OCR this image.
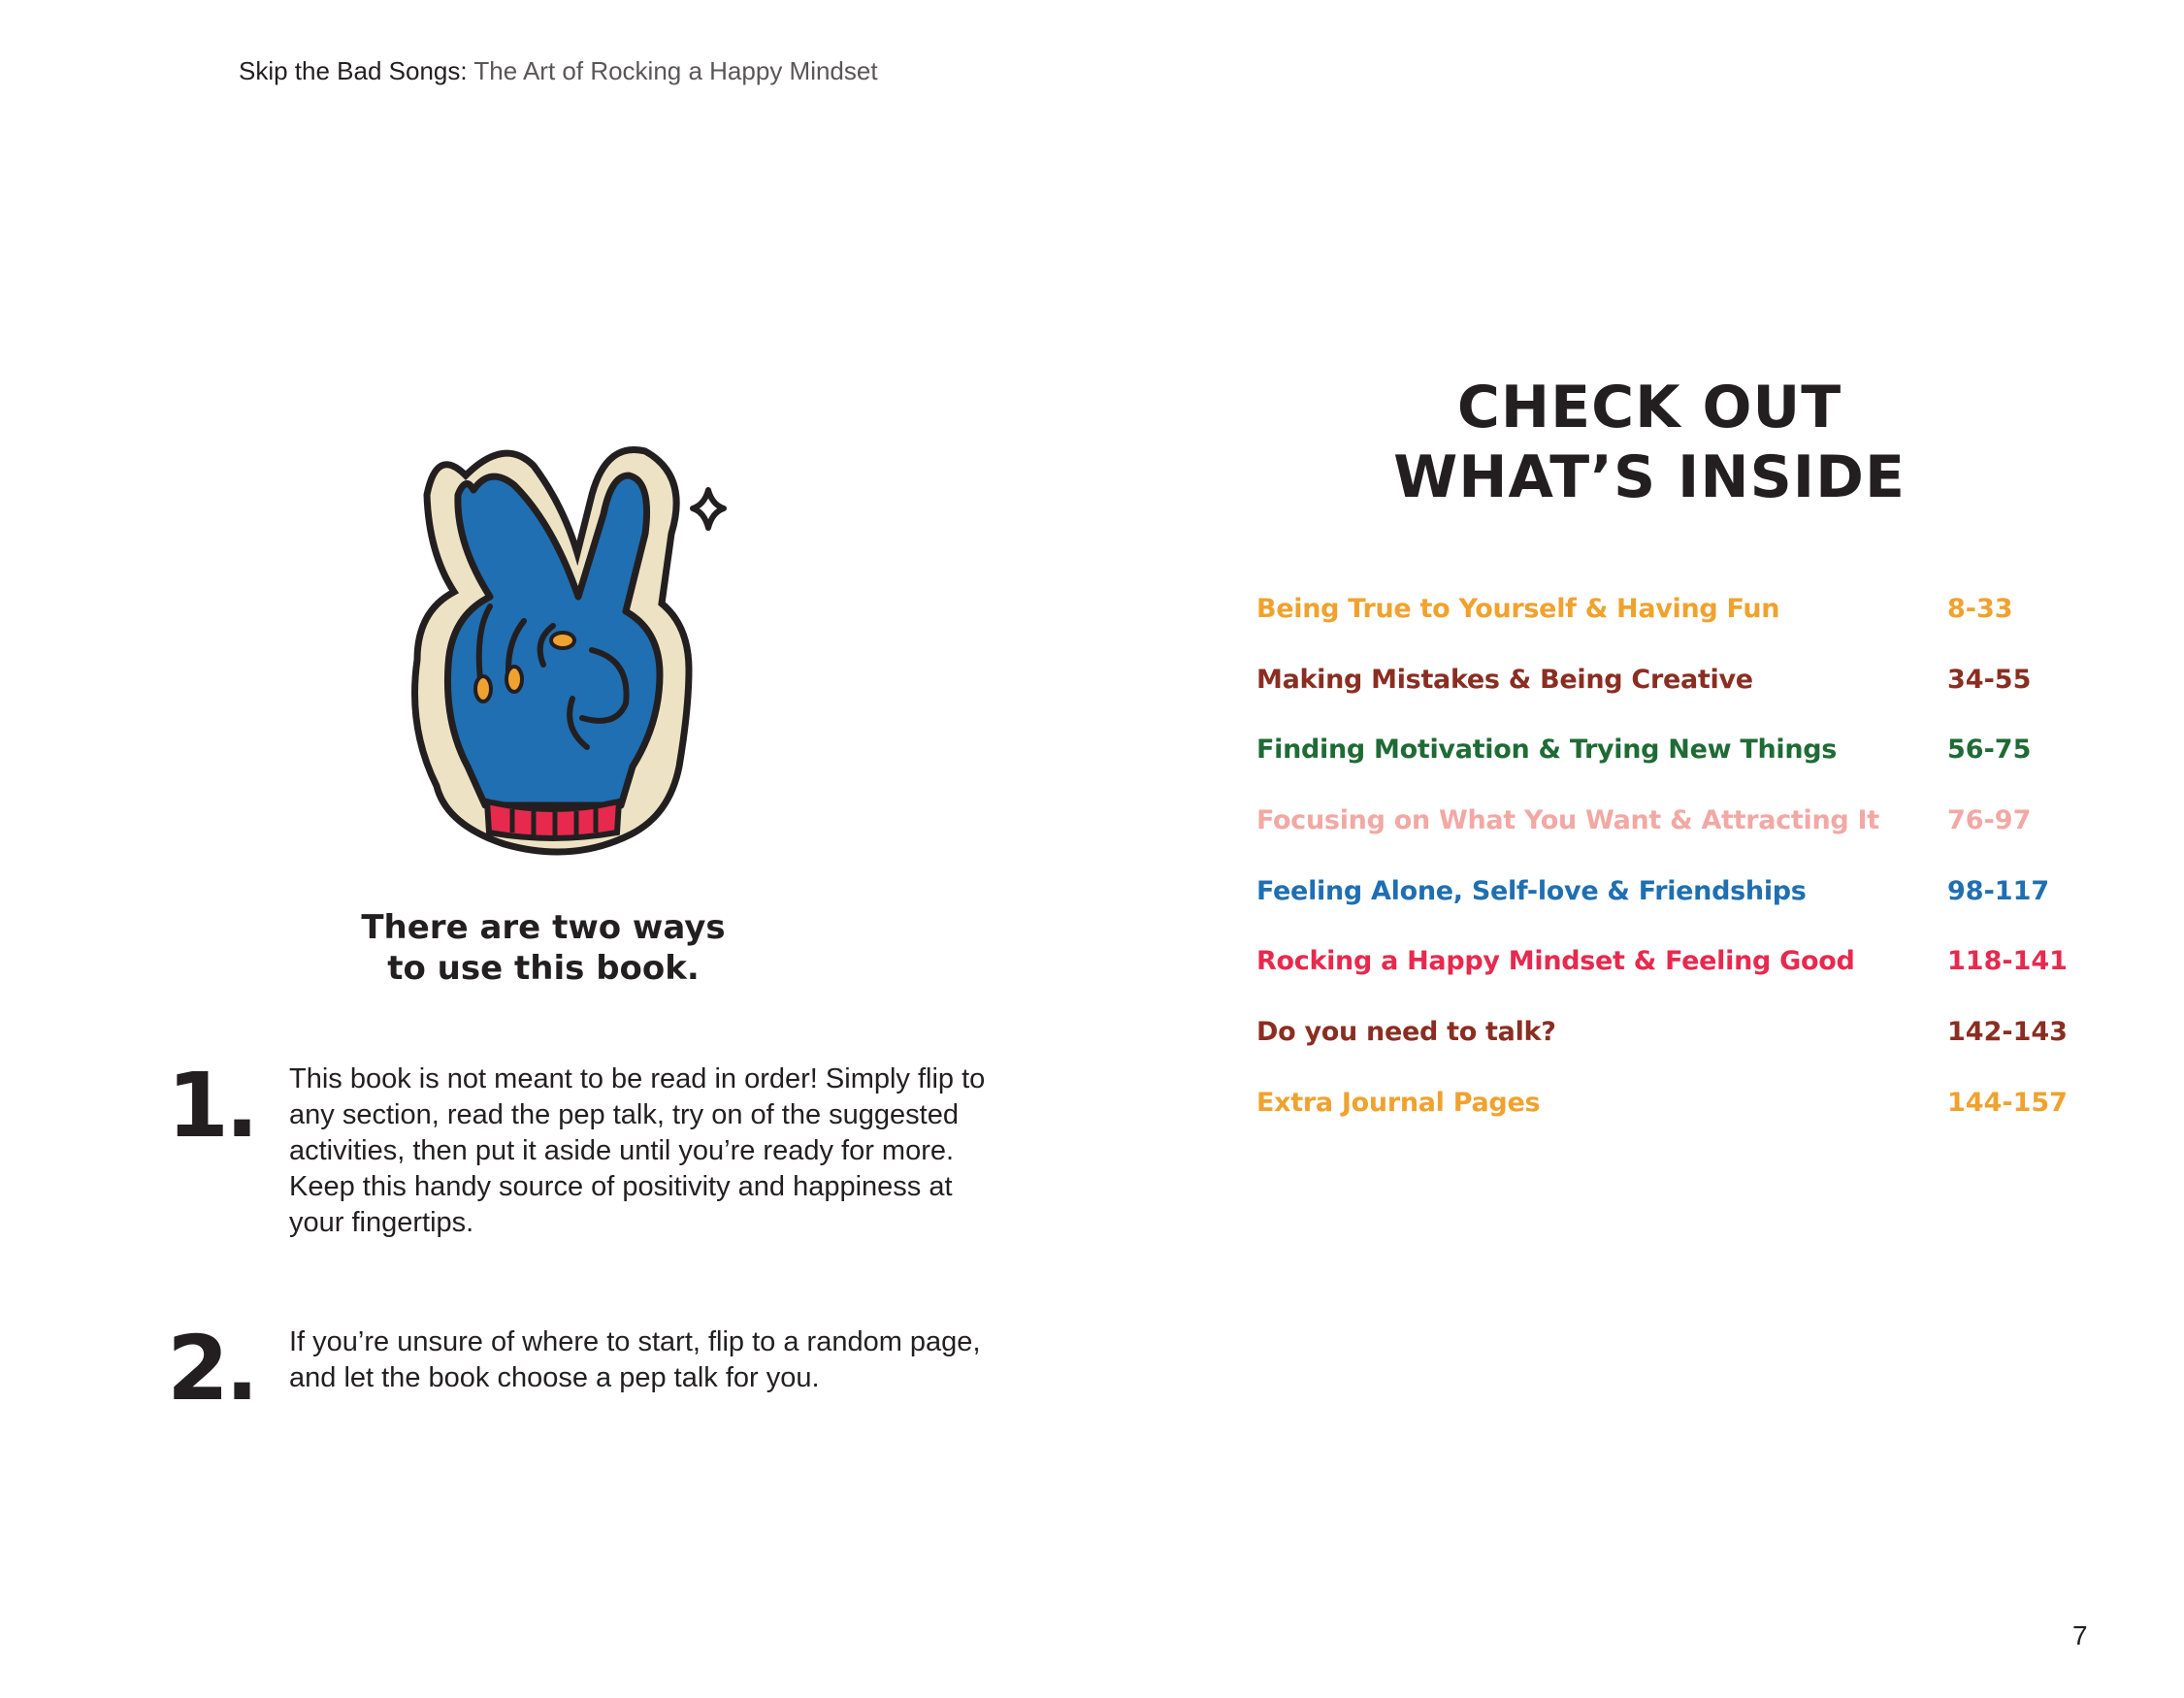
Skip the Bad Songs: The Art of Rocking a Happy Mindset
There are two ways
to use this book.
1. This book is not meant to be read in order! Simply flip to any section, read the pep talk, try on of the suggested activities, then put it aside until you’re ready for more. Keep this handy source of positivity and happiness at your fingertips.
2. If you’re unsure of where to start, flip to a random page, and let the book choose a pep talk for you.
CHECK OUT
WHAT’S INSIDE
Being True to Yourself & Having Fun	8-33
Making Mistakes & Being Creative	34-55
Finding Motivation & Trying New Things	56-75
Focusing on What You Want & Attracting It	76-97
Feeling Alone, Self-love & Friendships	98-117
Rocking a Happy Mindset & Feeling Good	118-141
Do you need to talk?	142-143
Extra Journal Pages	144-157
7
